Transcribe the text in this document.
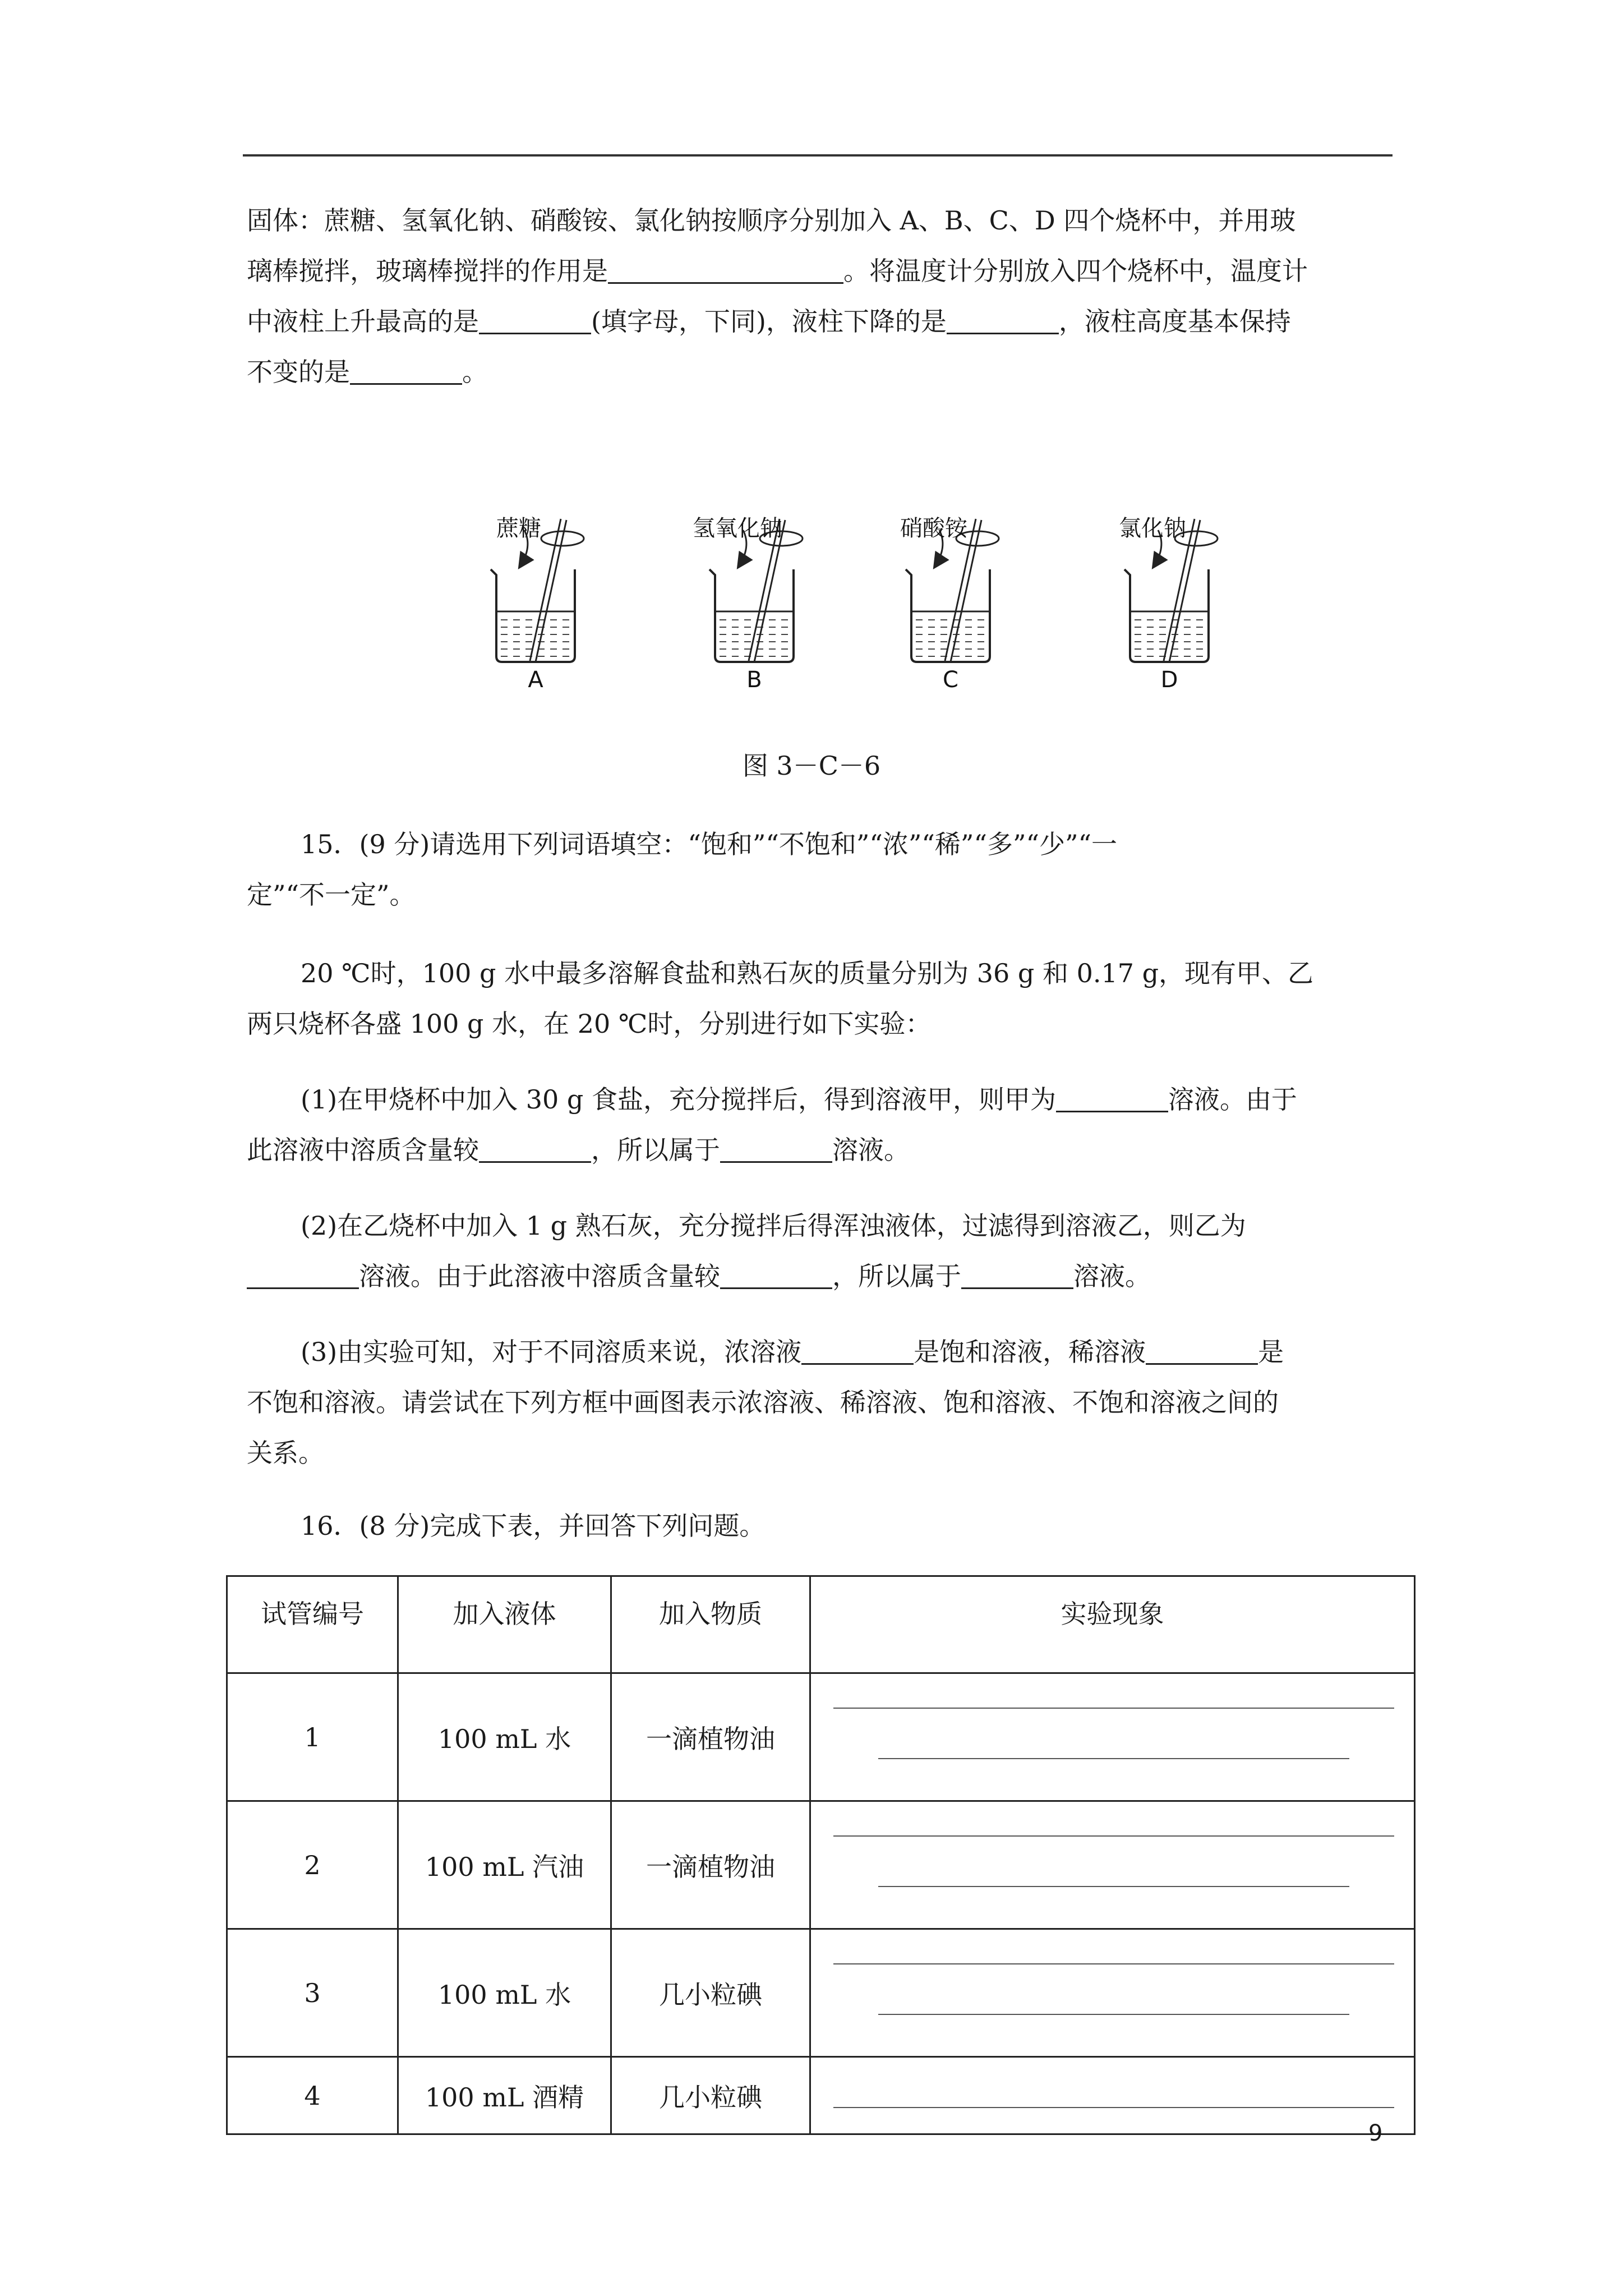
固体：蔗糖、氢氧化钠、硝酸铵、氯化钠按顺序分别加入 A、B、C、D 四个烧杯中，并用玻
璃棒搅拌，玻璃棒搅拌的作用是	。将温度计分别放入四个烧杯中，温度计
中液柱上升最高的是	(填字母，下同)，液柱下降的是	，液柱高度基本保持
不变的是	。

蔗糖
A
氢氧化钠
B
硝酸铵
C
氯化钠
D
图 3－C－6

15．(9 分)请选用下列词语填空：“饱和”“不饱和”“浓”“稀”“多”“少”“一

定”“不一定”。

20 ℃时，100 g 水中最多溶解食盐和熟石灰的质量分别为 36 g 和 0.17 g，现有甲、乙

两只烧杯各盛 100 g 水，在 20 ℃时，分别进行如下实验：

(1)在甲烧杯中加入 30 g 食盐，充分搅拌后，得到溶液甲，则甲为	溶液。由于

此溶液中溶质含量较	，所以属于	溶液。

(2)在乙烧杯中加入 1 g 熟石灰，充分搅拌后得浑浊液体，过滤得到溶液乙，则乙为

溶液。由于此溶液中溶质含量较	，所以属于	溶液。

(3)由实验可知，对于不同溶质来说，浓溶液	是饱和溶液，稀溶液	是

不饱和溶液。请尝试在下列方框中画图表示浓溶液、稀溶液、饱和溶液、不饱和溶液之间的
关系。

16．(8 分)完成下表，并回答下列问题。

试管编号	加入液体	加入物质	实验现象
1	100 mL 水	一滴植物油	

2	100 mL 汽油	一滴植物油	

3	100 mL 水	几小粒碘	

4	100 mL 酒精	几小粒碘	
9
